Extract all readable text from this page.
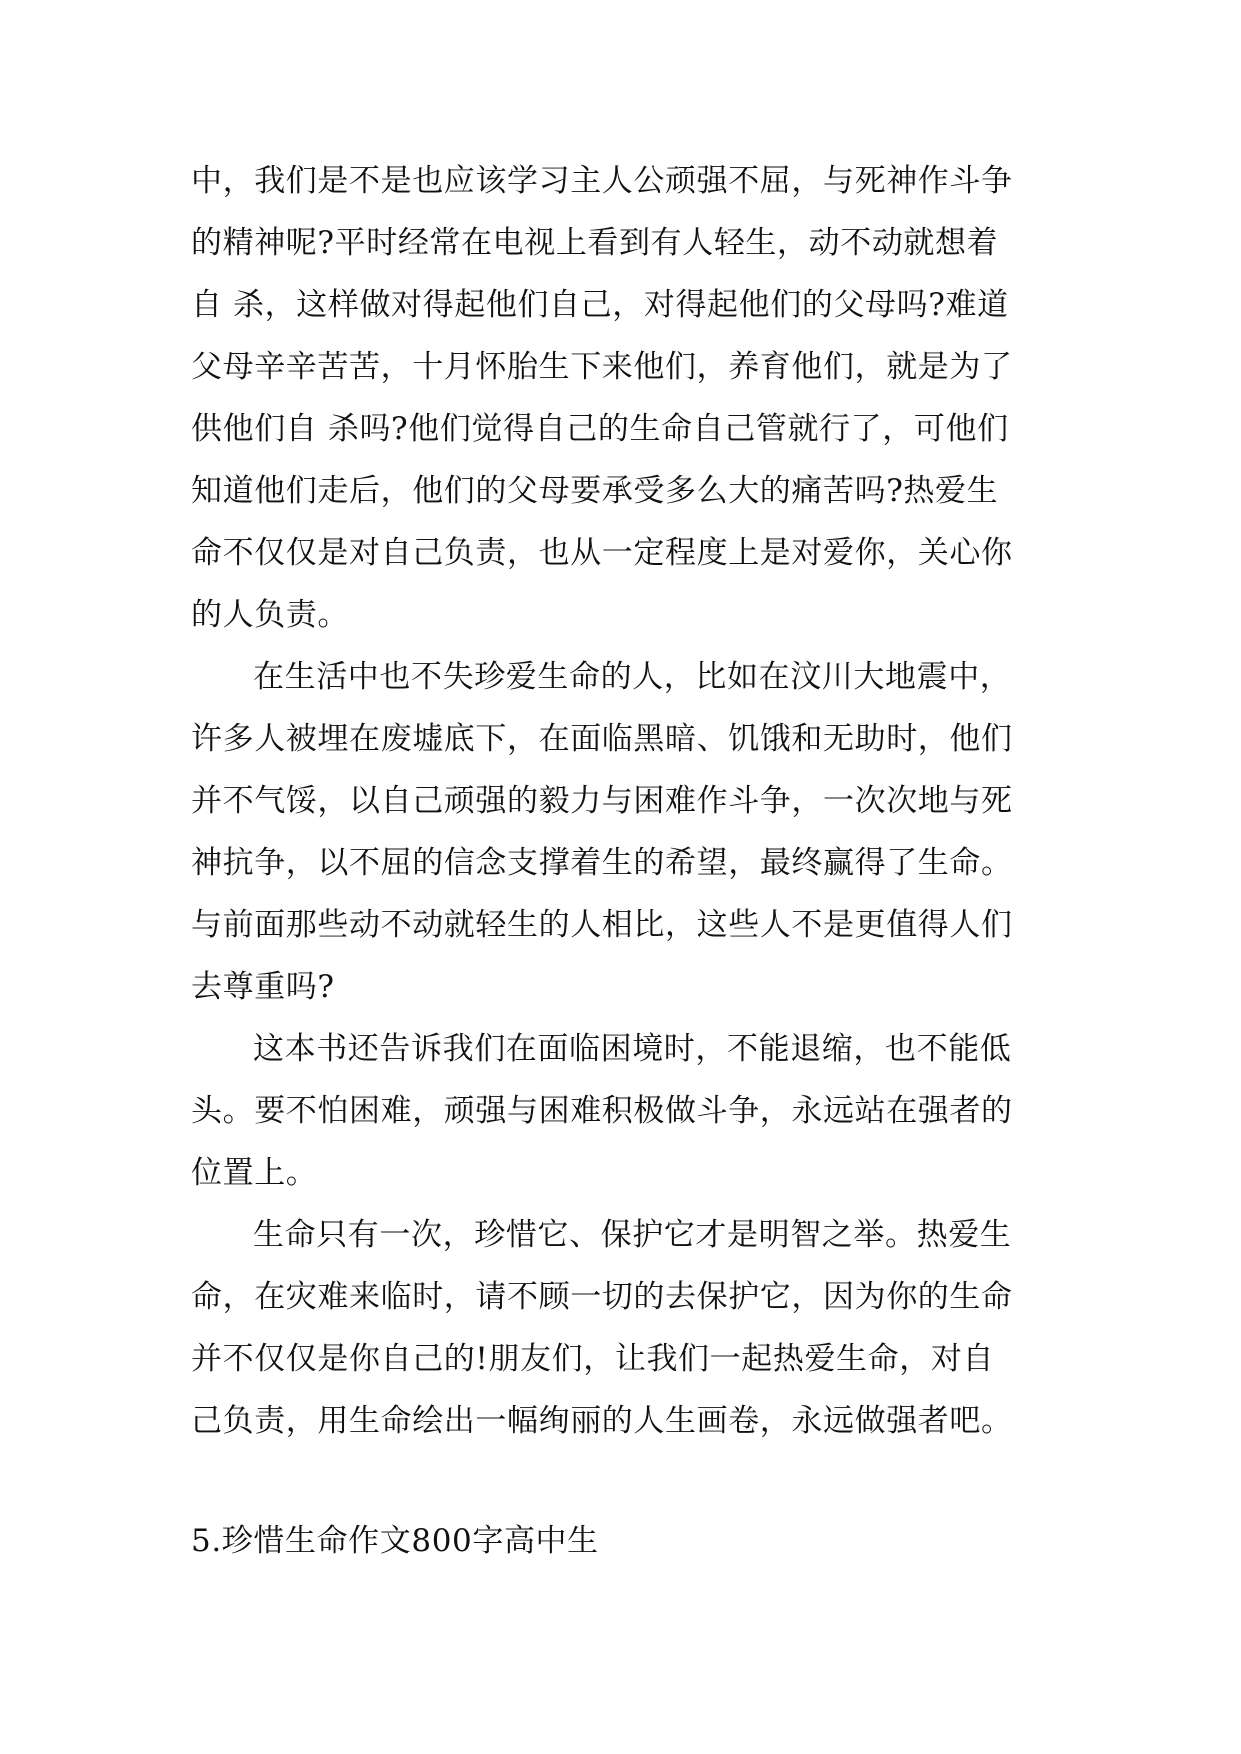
中，我们是不是也应该学习主人公顽强不屈，与死神作斗争
的精神呢?平时经常在电视上看到有人轻生，动不动就想着
自 杀，这样做对得起他们自己，对得起他们的父母吗?难道
父母辛辛苦苦，十月怀胎生下来他们，养育他们，就是为了
供他们自 杀吗?他们觉得自己的生命自己管就行了，可他们
知道他们走后，他们的父母要承受多么大的痛苦吗?热爱生
命不仅仅是对自己负责，也从一定程度上是对爱你，关心你
的人负责。
在生活中也不失珍爱生命的人，比如在汶川大地震中，
许多人被埋在废墟底下，在面临黑暗、饥饿和无助时，他们
并不气馁，以自己顽强的毅力与困难作斗争，一次次地与死
神抗争，以不屈的信念支撑着生的希望，最终赢得了生命。
与前面那些动不动就轻生的人相比，这些人不是更值得人们
去尊重吗?
这本书还告诉我们在面临困境时，不能退缩，也不能低
头。要不怕困难，顽强与困难积极做斗争，永远站在强者的
位置上。
生命只有一次，珍惜它、保护它才是明智之举。热爱生
命，在灾难来临时，请不顾一切的去保护它，因为你的生命
并不仅仅是你自己的!朋友们，让我们一起热爱生命，对自
己负责，用生命绘出一幅绚丽的人生画卷，永远做强者吧。
5.珍惜生命作文800字高中生
